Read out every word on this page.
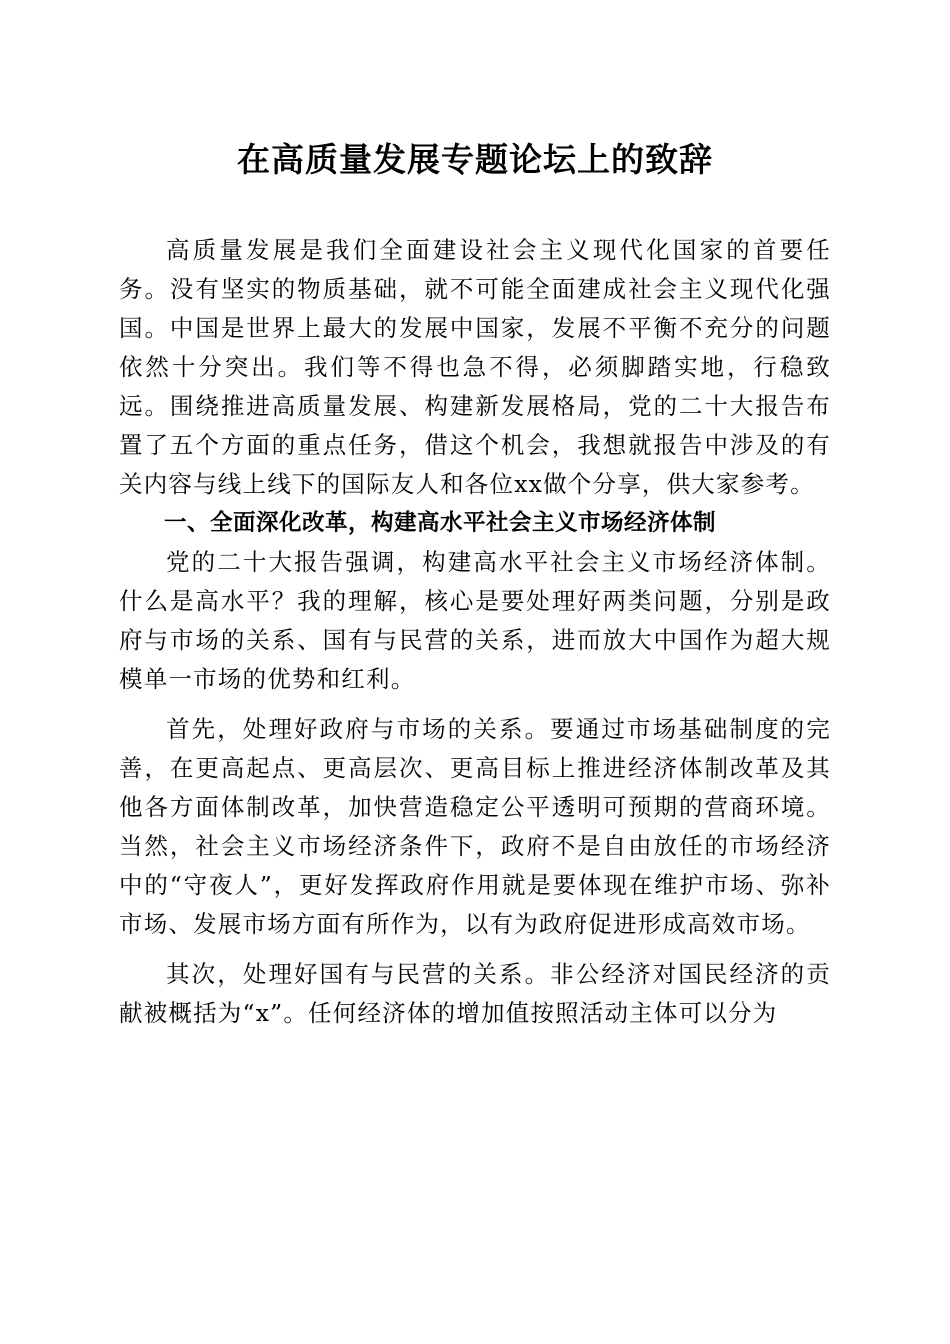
在高质量发展专题论坛上的致辞

高质量发展是我们全面建设社会主义现代化国家的首要任务。没有坚实的物质基础，就不可能全面建成社会主义现代化强国。中国是世界上最大的发展中国家，发展不平衡不充分的问题依然十分突出。我们等不得也急不得，必须脚踏实地，行稳致远。围绕推进高质量发展、构建新发展格局，党的二十大报告布置了五个方面的重点任务，借这个机会，我想就报告中涉及的有关内容与线上线下的国际友人和各位xx做个分享，供大家参考。

一、全面深化改革，构建高水平社会主义市场经济体制

党的二十大报告强调，构建高水平社会主义市场经济体制。什么是高水平？我的理解，核心是要处理好两类问题，分别是政府与市场的关系、国有与民营的关系，进而放大中国作为超大规模单一市场的优势和红利。

首先，处理好政府与市场的关系。要通过市场基础制度的完善，在更高起点、更高层次、更高目标上推进经济体制改革及其他各方面体制改革，加快营造稳定公平透明可预期的营商环境。当然，社会主义市场经济条件下，政府不是自由放任的市场经济中的“守夜人”，更好发挥政府作用就是要体现在维护市场、弥补市场、发展市场方面有所作为，以有为政府促进形成高效市场。

其次，处理好国有与民营的关系。非公经济对国民经济的贡献被概括为“x”。任何经济体的增加值按照活动主体可以分为
